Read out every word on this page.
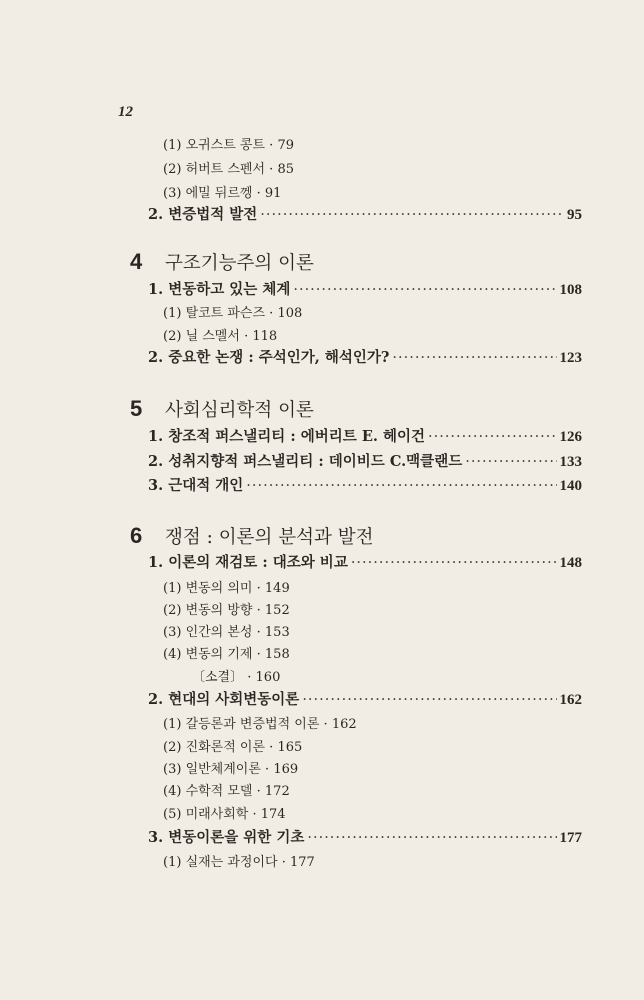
12
(1) 오귀스트 콩트 · 79
(2) 허버트 스펜서 · 85
(3) 에밀 뒤르껭 · 91
2. 변증법적 발전 ·····	95
4 구조기능주의 이론
1. 변동하고 있는 체계 ·····	108
(1) 탈코트 파슨즈 · 108
(2) 닐 스멜서 · 118
2. 중요한 논쟁 : 주석인가, 해석인가? ·····	123
5 사회심리학적 이론
1. 창조적 퍼스낼리티 : 에버리트 E. 헤이건 ·····	126
2. 성취지향적 퍼스낼리티 : 데이비드 C.맥클랜드 ·····	133
3. 근대적 개인 ·····	140
6 쟁점 : 이론의 분석과 발전
1. 이론의 재검토 : 대조와 비교 ·····	148
(1) 변동의 의미 · 149
(2) 변동의 방향 · 152
(3) 인간의 본성 · 153
(4) 변동의 기제 · 158
〔소결〕 · 160
2. 현대의 사회변동이론 ·····	162
(1) 갈등론과 변증법적 이론 · 162
(2) 진화론적 이론 · 165
(3) 일반체계이론 · 169
(4) 수학적 모델 · 172
(5) 미래사회학 · 174
3. 변동이론을 위한 기초 ·····	177
(1) 실재는 과정이다 · 177
